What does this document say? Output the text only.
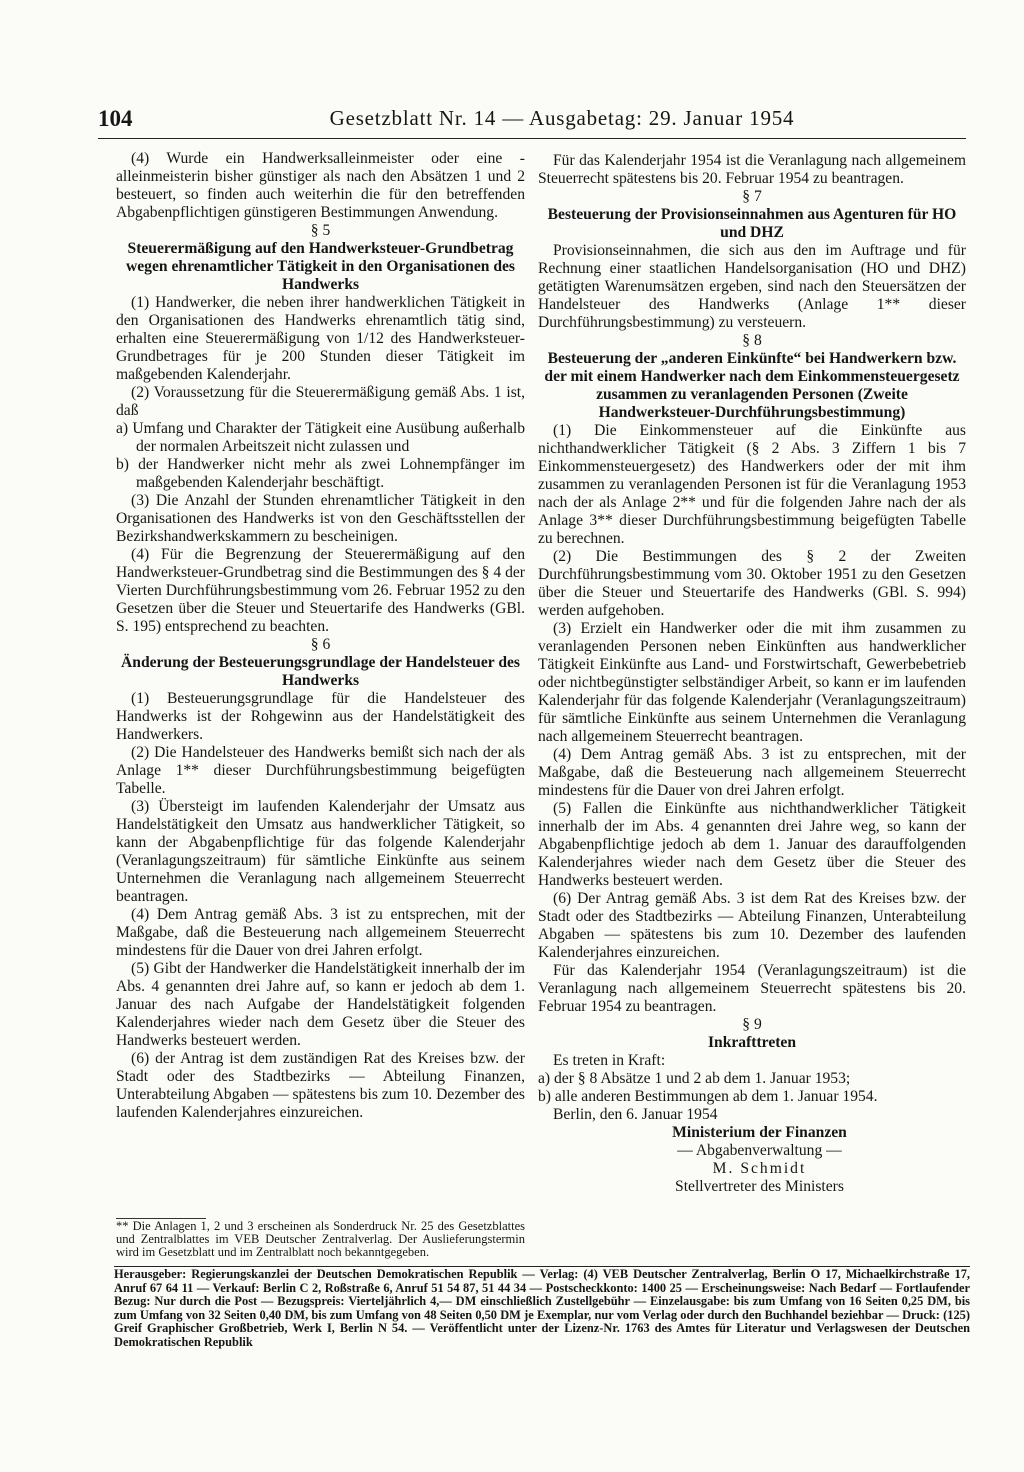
104	Gesetzblatt Nr. 14 — Ausgabetag: 29. Januar 1954

(4) Wurde ein Handwerksalleinmeister oder eine -alleinmeisterin bisher günstiger als nach den Absätzen 1 und 2 besteuert, so finden auch weiterhin die für den betreffenden Abgabenpflichtigen günstigeren Bestimmungen Anwendung.

§ 5

Steuerermäßigung auf den Handwerksteuer-Grundbetrag wegen ehrenamtlicher Tätigkeit in den Organisationen des Handwerks

(1) Handwerker, die neben ihrer handwerklichen Tätigkeit in den Organisationen des Handwerks ehrenamtlich tätig sind, erhalten eine Steuerermäßigung von 1/12 des Handwerksteuer-Grundbetrages für je 200 Stunden dieser Tätigkeit im maßgebenden Kalenderjahr.

(2) Voraussetzung für die Steuerermäßigung gemäß Abs. 1 ist, daß

a) Umfang und Charakter der Tätigkeit eine Ausübung außerhalb der normalen Arbeitszeit nicht zulassen und
b) der Handwerker nicht mehr als zwei Lohnempfänger im maßgebenden Kalenderjahr beschäftigt.

(3) Die Anzahl der Stunden ehrenamtlicher Tätigkeit in den Organisationen des Handwerks ist von den Geschäftsstellen der Bezirkshandwerkskammern zu bescheinigen.

(4) Für die Begrenzung der Steuerermäßigung auf den Handwerksteuer-Grundbetrag sind die Bestimmungen des § 4 der Vierten Durchführungsbestimmung vom 26. Februar 1952 zu den Gesetzen über die Steuer und Steuertarife des Handwerks (GBl. S. 195) entsprechend zu beachten.

§ 6

Änderung der Besteuerungsgrundlage der Handelsteuer des Handwerks

(1) Besteuerungsgrundlage für die Handelsteuer des Handwerks ist der Rohgewinn aus der Handelstätigkeit des Handwerkers.

(2) Die Handelsteuer des Handwerks bemißt sich nach der als Anlage 1** dieser Durchführungsbestimmung beigefügten Tabelle.

(3) Übersteigt im laufenden Kalenderjahr der Umsatz aus Handelstätigkeit den Umsatz aus handwerklicher Tätigkeit, so kann der Abgabenpflichtige für das folgende Kalenderjahr (Veranlagungszeitraum) für sämtliche Einkünfte aus seinem Unternehmen die Veranlagung nach allgemeinem Steuerrecht beantragen.

(4) Dem Antrag gemäß Abs. 3 ist zu entsprechen, mit der Maßgabe, daß die Besteuerung nach allgemeinem Steuerrecht mindestens für die Dauer von drei Jahren erfolgt.

(5) Gibt der Handwerker die Handelstätigkeit innerhalb der im Abs. 4 genannten drei Jahre auf, so kann er jedoch ab dem 1. Januar des nach Aufgabe der Handelstätigkeit folgenden Kalenderjahres wieder nach dem Gesetz über die Steuer des Handwerks besteuert werden.

(6) der Antrag ist dem zuständigen Rat des Kreises bzw. der Stadt oder des Stadtbezirks — Abteilung Finanzen, Unterabteilung Abgaben — spätestens bis zum 10. Dezember des laufenden Kalenderjahres einzureichen.

** Die Anlagen 1, 2 und 3 erscheinen als Sonderdruck Nr. 25 des Gesetzblattes und Zentralblattes im VEB Deutscher Zentralverlag. Der Auslieferungstermin wird im Gesetzblatt und im Zentralblatt noch bekanntgegeben.

Für das Kalenderjahr 1954 ist die Veranlagung nach allgemeinem Steuerrecht spätestens bis 20. Februar 1954 zu beantragen.

§ 7

Besteuerung der Provisionseinnahmen aus Agenturen für HO und DHZ

Provisionseinnahmen, die sich aus den im Auftrage und für Rechnung einer staatlichen Handelsorganisation (HO und DHZ) getätigten Warenumsätzen ergeben, sind nach den Steuersätzen der Handelsteuer des Handwerks (Anlage 1** dieser Durchführungsbestimmung) zu versteuern.

§ 8

Besteuerung der „anderen Einkünfte“ bei Handwerkern bzw. der mit einem Handwerker nach dem Einkommensteuergesetz zusammen zu veranlagenden Personen (Zweite Handwerksteuer-Durchführungsbestimmung)

(1) Die Einkommensteuer auf die Einkünfte aus nichthandwerklicher Tätigkeit (§ 2 Abs. 3 Ziffern 1 bis 7 Einkommensteuergesetz) des Handwerkers oder der mit ihm zusammen zu veranlagenden Personen ist für die Veranlagung 1953 nach der als Anlage 2** und für die folgenden Jahre nach der als Anlage 3** dieser Durchführungsbestimmung beigefügten Tabelle zu berechnen.

(2) Die Bestimmungen des § 2 der Zweiten Durchführungsbestimmung vom 30. Oktober 1951 zu den Gesetzen über die Steuer und Steuertarife des Handwerks (GBl. S. 994) werden aufgehoben.

(3) Erzielt ein Handwerker oder die mit ihm zusammen zu veranlagenden Personen neben Einkünften aus handwerklicher Tätigkeit Einkünfte aus Land- und Forstwirtschaft, Gewerbebetrieb oder nichtbegünstigter selbständiger Arbeit, so kann er im laufenden Kalenderjahr für das folgende Kalenderjahr (Veranlagungszeitraum) für sämtliche Einkünfte aus seinem Unternehmen die Veranlagung nach allgemeinem Steuerrecht beantragen.

(4) Dem Antrag gemäß Abs. 3 ist zu entsprechen, mit der Maßgabe, daß die Besteuerung nach allgemeinem Steuerrecht mindestens für die Dauer von drei Jahren erfolgt.

(5) Fallen die Einkünfte aus nichthandwerklicher Tätigkeit innerhalb der im Abs. 4 genannten drei Jahre weg, so kann der Abgabenpflichtige jedoch ab dem 1. Januar des darauffolgenden Kalenderjahres wieder nach dem Gesetz über die Steuer des Handwerks besteuert werden.

(6) Der Antrag gemäß Abs. 3 ist dem Rat des Kreises bzw. der Stadt oder des Stadtbezirks — Abteilung Finanzen, Unterabteilung Abgaben — spätestens bis zum 10. Dezember des laufenden Kalenderjahres einzureichen.

Für das Kalenderjahr 1954 (Veranlagungszeitraum) ist die Veranlagung nach allgemeinem Steuerrecht spätestens bis 20. Februar 1954 zu beantragen.

§ 9

Inkrafttreten

Es treten in Kraft:

a) der § 8 Absätze 1 und 2 ab dem 1. Januar 1953;
b) alle anderen Bestimmungen ab dem 1. Januar 1954.

Berlin, den 6. Januar 1954

Ministerium der Finanzen

— Abgabenverwaltung —

M. Schmidt

Stellvertreter des Ministers

Herausgeber: Regierungskanzlei der Deutschen Demokratischen Republik — Verlag: (4) VEB Deutscher Zentralverlag, Berlin O 17, Michaelkirchstraße 17, Anruf 67 64 11 — Verkauf: Berlin C 2, Roßstraße 6, Anruf 51 54 87, 51 44 34 — Postscheckkonto: 1400 25 — Erscheinungsweise: Nach Bedarf — Fortlaufender Bezug: Nur durch die Post — Bezugspreis: Vierteljährlich 4,— DM einschließlich Zustellgebühr — Einzelausgabe: bis zum Umfang von 16 Seiten 0,25 DM, bis zum Umfang von 32 Seiten 0,40 DM, bis zum Umfang von 48 Seiten 0,50 DM je Exemplar, nur vom Verlag oder durch den Buchhandel beziehbar — Druck: (125) Greif Graphischer Großbetrieb, Werk I, Berlin N 54. — Veröffentlicht unter der Lizenz-Nr. 1763 des Amtes für Literatur und Verlagswesen der Deutschen Demokratischen Republik
